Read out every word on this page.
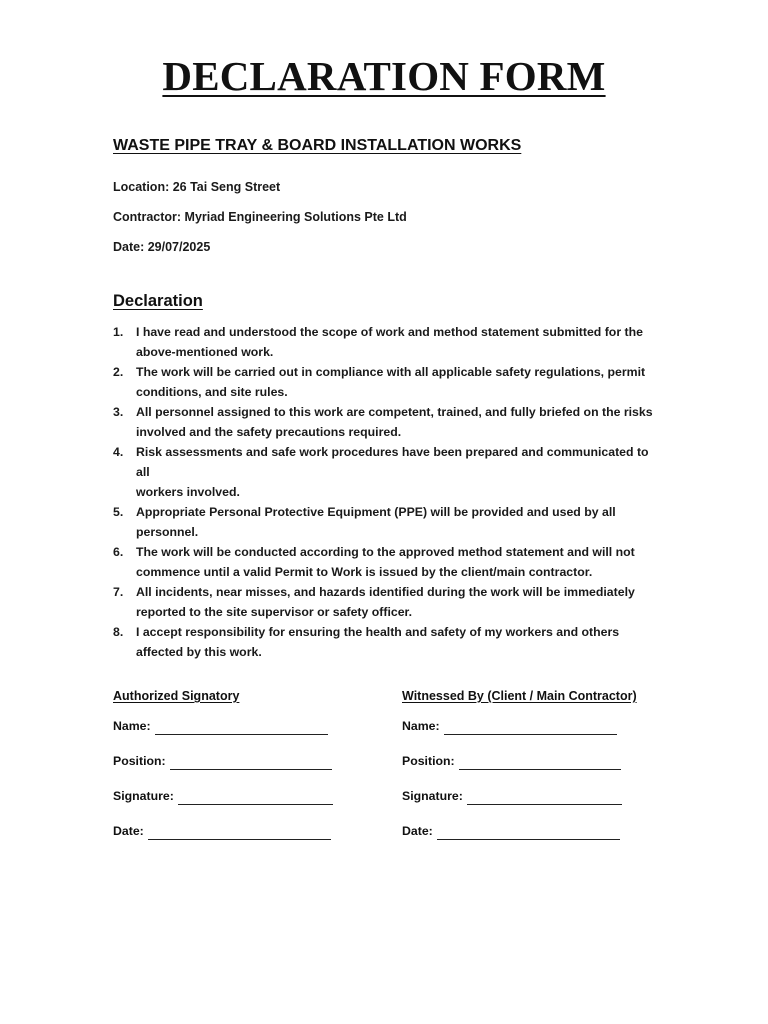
DECLARATION FORM
WASTE PIPE TRAY & BOARD INSTALLATION WORKS
Location: 26 Tai Seng Street
Contractor: Myriad Engineering Solutions Pte Ltd
Date: 29/07/2025
Declaration
1. I have read and understood the scope of work and method statement submitted for the
above-mentioned work.
2. The work will be carried out in compliance with all applicable safety regulations, permit
conditions, and site rules.
3. All personnel assigned to this work are competent, trained, and fully briefed on the risks
involved and the safety precautions required.
4. Risk assessments and safe work procedures have been prepared and communicated to all
workers involved.
5. Appropriate Personal Protective Equipment (PPE) will be provided and used by all
personnel.
6. The work will be conducted according to the approved method statement and will not
commence until a valid Permit to Work is issued by the client/main contractor.
7. All incidents, near misses, and hazards identified during the work will be immediately
reported to the site supervisor or safety officer.
8. I accept responsibility for ensuring the health and safety of my workers and others
affected by this work.
Authorized Signatory
Name:
Position:
Signature:
Date:
Witnessed By (Client / Main Contractor)
Name:
Position:
Signature:
Date:
